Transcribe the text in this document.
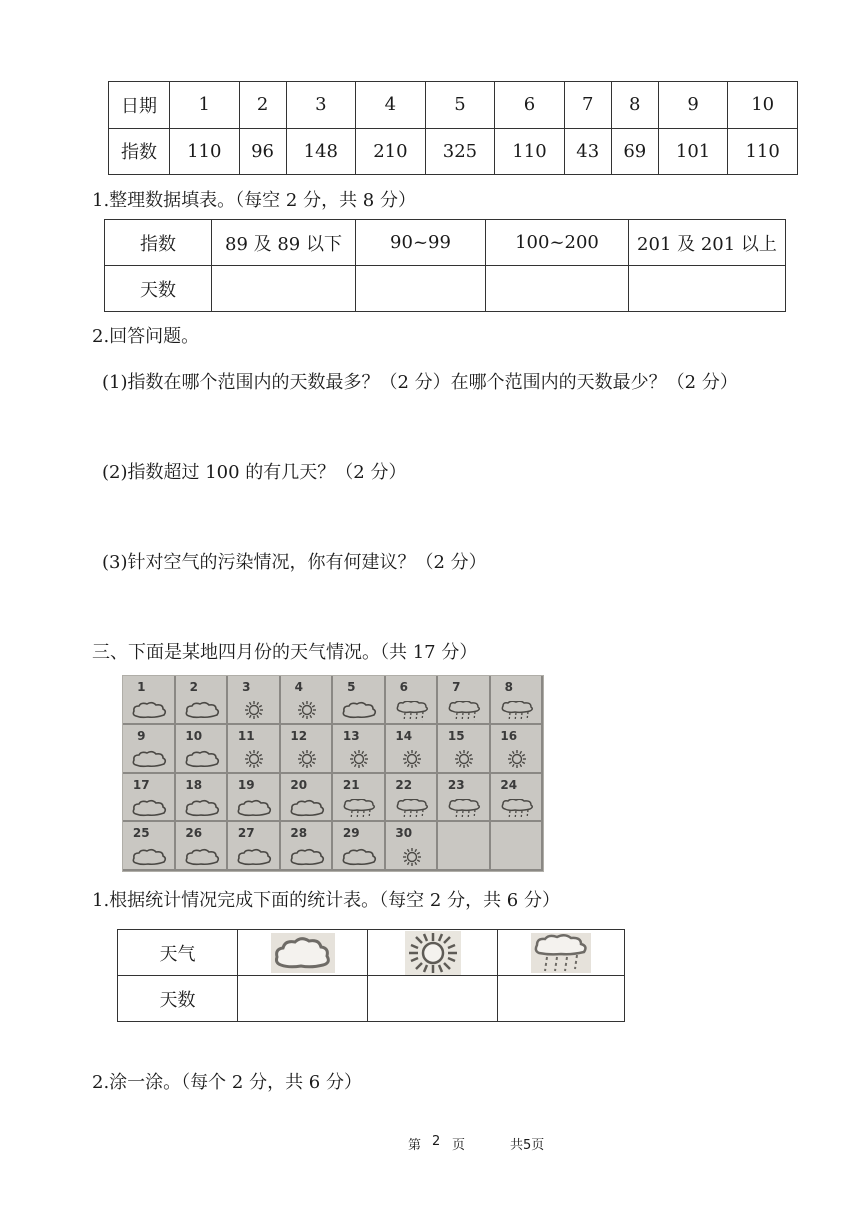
日期	1	2	3	4	5	6	7	8	9	10
指数	110	96	148	210	325	110	43	69	101	110
1.整理数据填表。（每空 2 分，共 8 分）
指数	89 及 89 以下	90~99	100~200	201 及 201 以上
天数				
2.回答问题。
(1)指数在哪个范围内的天数最多？（2 分）在哪个范围内的天数最少？（2 分）
(2)指数超过 100 的有几天？（2 分）
(3)针对空气的污染情况，你有何建议？（2 分）
三、下面是某地四月份的天气情况。（共 17 分）
1	2	3	4	5	6	7	8
9	10	11	12	13	14	15	16
17	18	19	20	21	22	23	24
25	26	27	28	29	30
1.根据统计情况完成下面的统计表。（每空 2 分，共 6 分）
天气	

天数			
2.涂一涂。（每个 2 分，共 6 分）
第 2 页	共5页
